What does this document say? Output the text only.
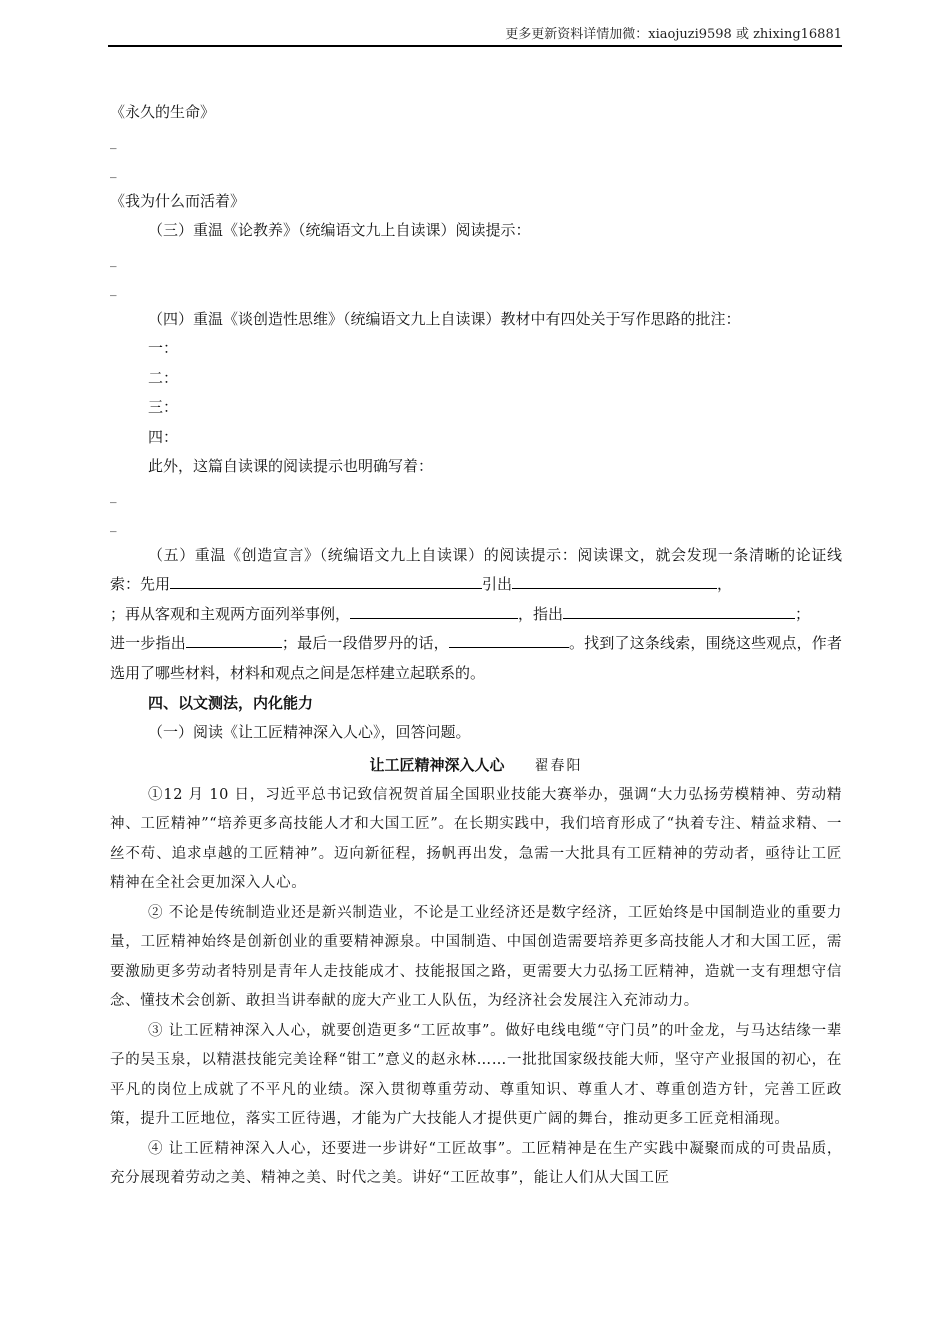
更多更新资料详情加微：xiaojuzi9598 或 zhixing16881
《永久的生命》
_
_
《我为什么而活着》
（三）重温《论教养》（统编语文九上自读课）阅读提示：
_
_
（四）重温《谈创造性思维》（统编语文九上自读课）教材中有四处关于写作思路的批注：
一：
二：
三：
四：
此外，这篇自读课的阅读提示也明确写着：
_
_
（五）重温《创造宣言》（统编语文九上自读课）的阅读提示：阅读课文，就会发现一条清晰的论证线索：先用	引出	，
；再从客观和主观两方面列举事例，	，指出	；
进一步指出	；最后一段借罗丹的话，	。找到了这条线索，围绕这些观点，作者选用了哪些材料，材料和观点之间是怎样建立起联系的。
四、以文测法，内化能力
（一）阅读《让工匠精神深入人心》，回答问题。
让工匠精神深入人心 翟春阳
①12 月 10 日，习近平总书记致信祝贺首届全国职业技能大赛举办，强调“大力弘扬劳模精神、劳动精神、工匠精神”“培养更多高技能人才和大国工匠”。在长期实践中，我们培育形成了“执着专注、精益求精、一丝不苟、追求卓越的工匠精神”。迈向新征程，扬帆再出发，急需一大批具有工匠精神的劳动者，亟待让工匠精神在全社会更加深入人心。
② 不论是传统制造业还是新兴制造业，不论是工业经济还是数字经济，工匠始终是中国制造业的重要力量，工匠精神始终是创新创业的重要精神源泉。中国制造、中国创造需要培养更多高技能人才和大国工匠，需要激励更多劳动者特别是青年人走技能成才、技能报国之路，更需要大力弘扬工匠精神，造就一支有理想守信念、懂技术会创新、敢担当讲奉献的庞大产业工人队伍，为经济社会发展注入充沛动力。
③ 让工匠精神深入人心，就要创造更多“工匠故事”。做好电线电缆“守门员”的叶金龙，与马达结缘一辈子的吴玉泉，以精湛技能完美诠释“钳工”意义的赵永林……一批批国家级技能大师，坚守产业报国的初心，在平凡的岗位上成就了不平凡的业绩。深入贯彻尊重劳动、尊重知识、尊重人才、尊重创造方针，完善工匠政策，提升工匠地位，落实工匠待遇，才能为广大技能人才提供更广阔的舞台，推动更多工匠竞相涌现。
④ 让工匠精神深入人心，还要进一步讲好“工匠故事”。工匠精神是在生产实践中凝聚而成的可贵品质，充分展现着劳动之美、精神之美、时代之美。讲好“工匠故事”，能让人们从大国工匠
